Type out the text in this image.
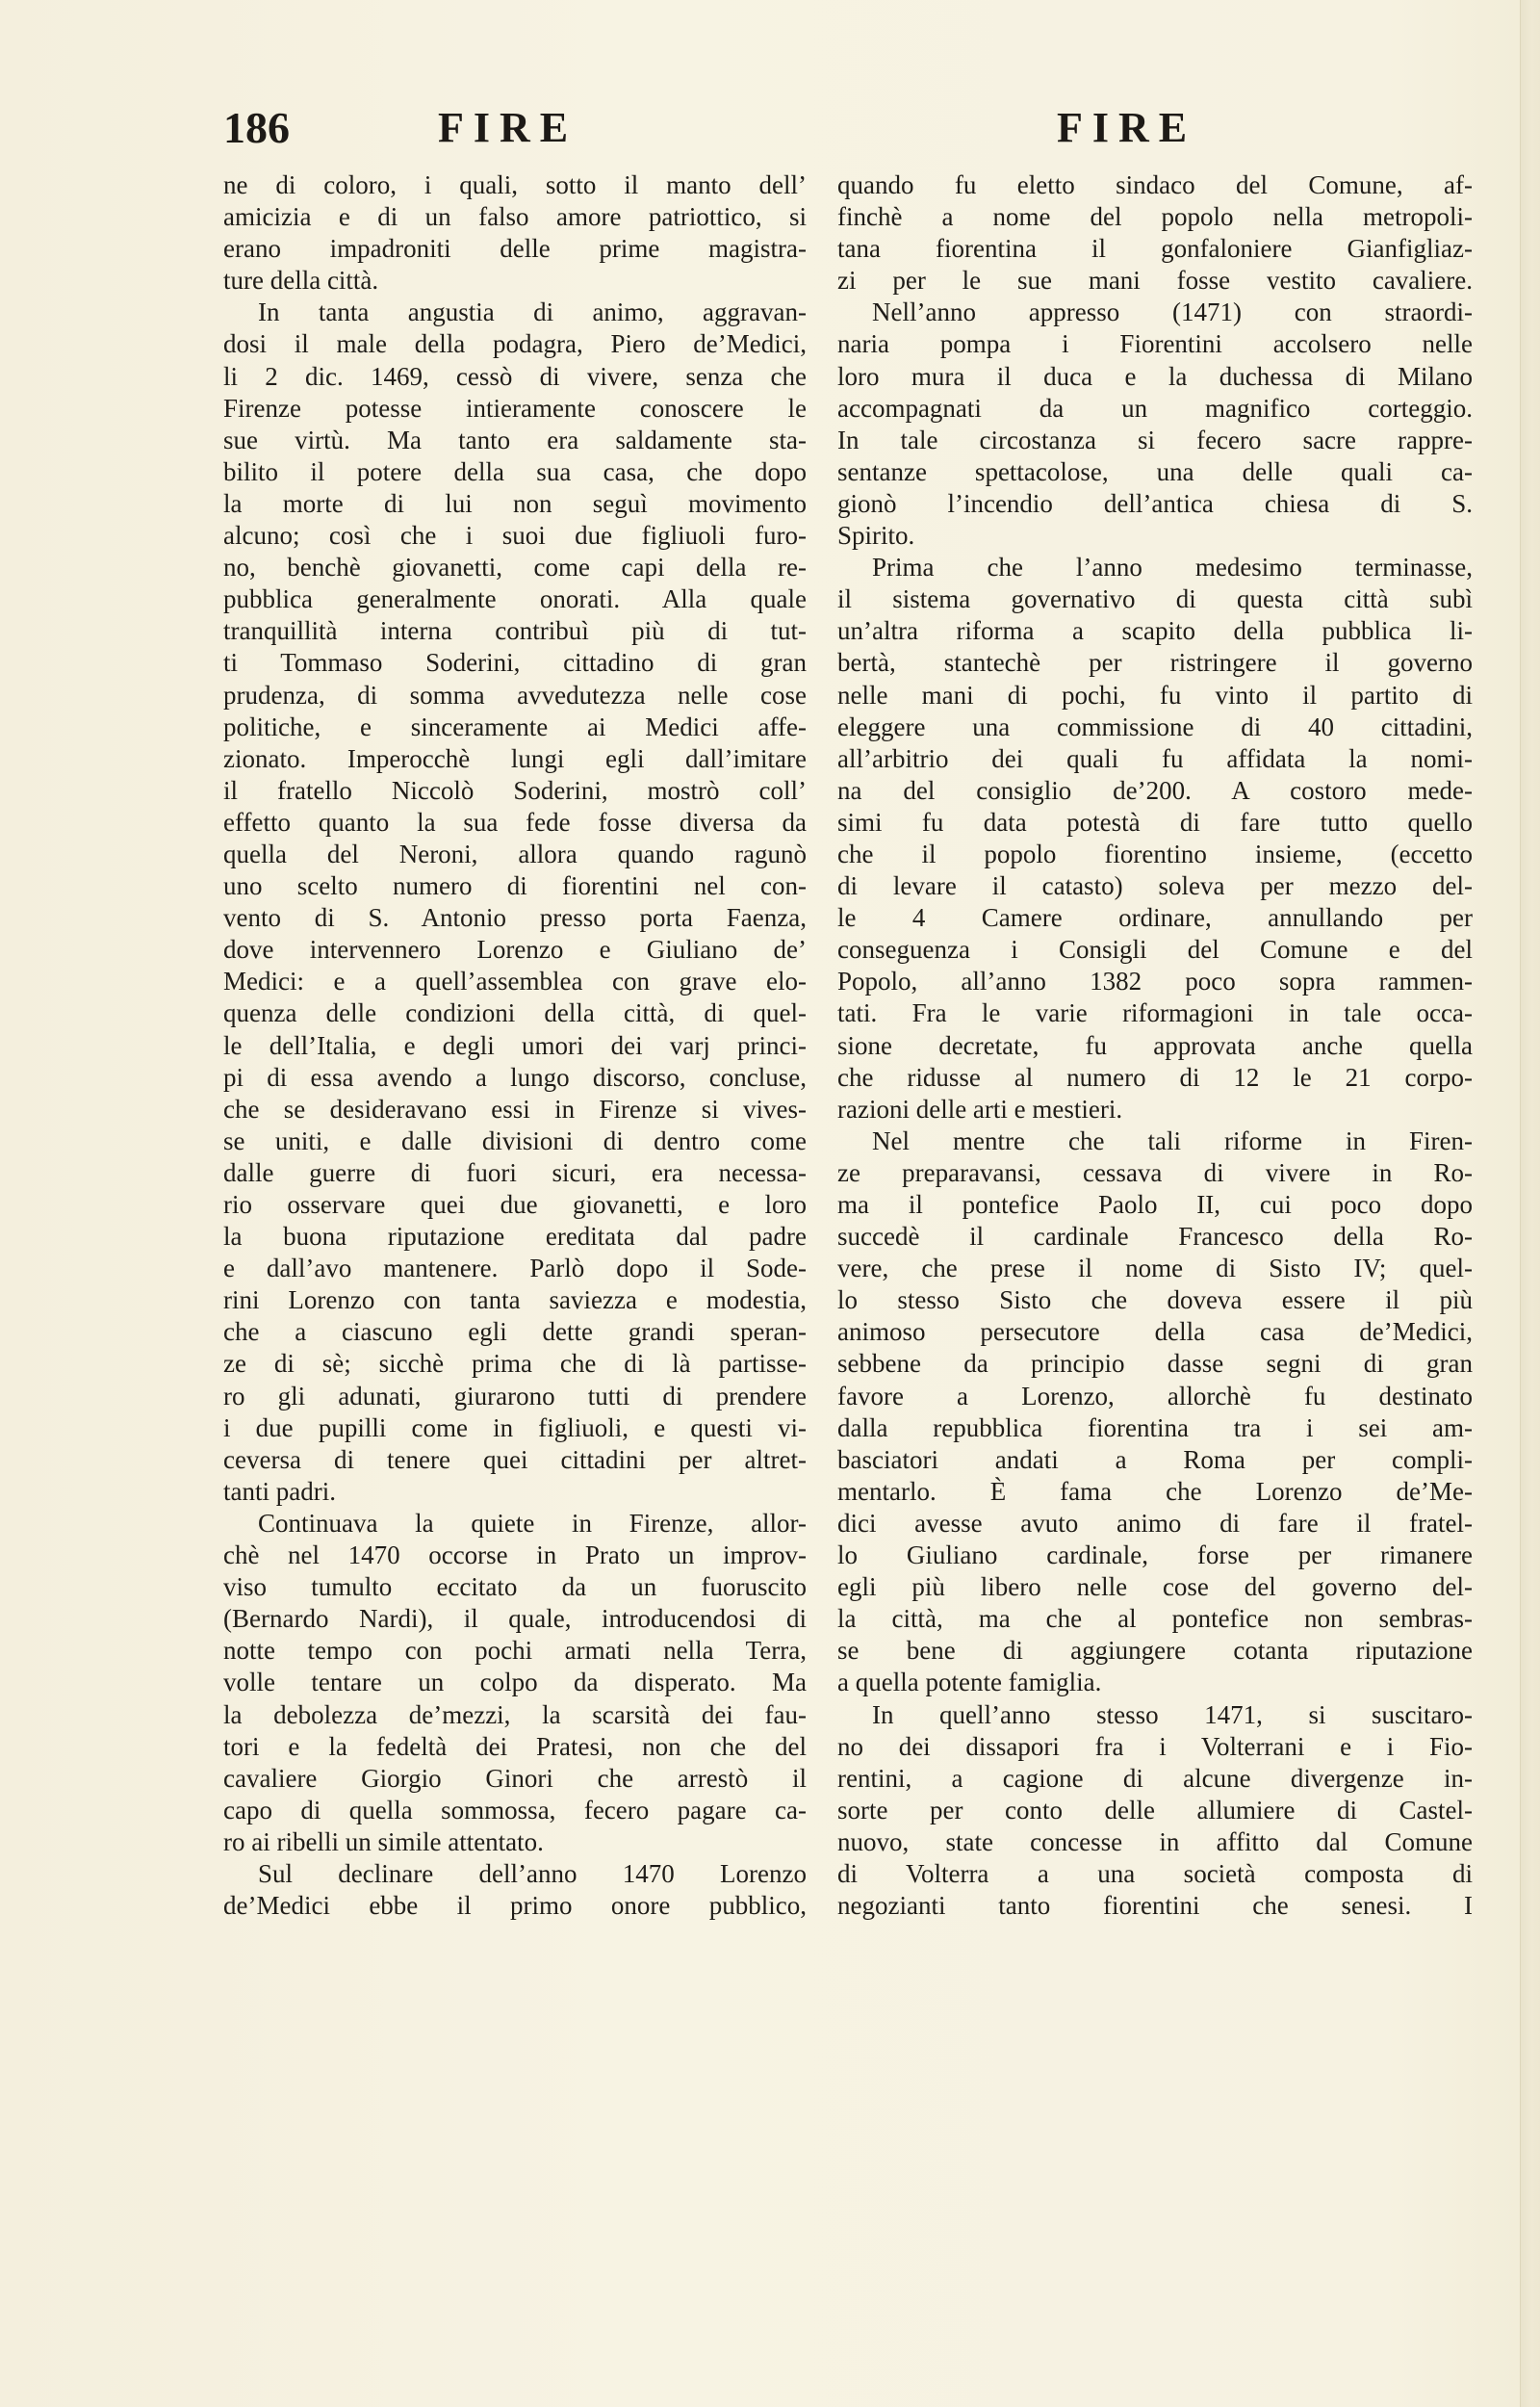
186	FIRE	FIRE
ne di coloro, i quali, sotto il manto dell’
amicizia e di un falso amore patriottico, si
erano impadroniti delle prime magistra-
ture della città.
In tanta angustia di animo, aggravan-
dosi il male della podagra, Piero de’Medici,
li 2 dic. 1469, cessò di vivere, senza che
Firenze potesse intieramente conoscere le
sue virtù. Ma tanto era saldamente sta-
bilito il potere della sua casa, che dopo
la morte di lui non seguì movimento
alcuno; così che i suoi due figliuoli furo-
no, benchè giovanetti, come capi della re-
pubblica generalmente onorati. Alla quale
tranquillità interna contribuì più di tut-
ti Tommaso Soderini, cittadino di gran
prudenza, di somma avvedutezza nelle cose
politiche, e sinceramente ai Medici affe-
zionato. Imperocchè lungi egli dall’imitare
il fratello Niccolò Soderini, mostrò coll’
effetto quanto la sua fede fosse diversa da
quella del Neroni, allora quando ragunò
uno scelto numero di fiorentini nel con-
vento di S. Antonio presso porta Faenza,
dove intervennero Lorenzo e Giuliano de’
Medici: e a quell’assemblea con grave elo-
quenza delle condizioni della città, di quel-
le dell’Italia, e degli umori dei varj princi-
pi di essa avendo a lungo discorso, concluse,
che se desideravano essi in Firenze si vives-
se uniti, e dalle divisioni di dentro come
dalle guerre di fuori sicuri, era necessa-
rio osservare quei due giovanetti, e loro
la buona riputazione ereditata dal padre
e dall’avo mantenere. Parlò dopo il Sode-
rini Lorenzo con tanta saviezza e modestia,
che a ciascuno egli dette grandi speran-
ze di sè; sicchè prima che di là partisse-
ro gli adunati, giurarono tutti di prendere
i due pupilli come in figliuoli, e questi vi-
ceversa di tenere quei cittadini per altret-
tanti padri.
Continuava la quiete in Firenze, allor-
chè nel 1470 occorse in Prato un improv-
viso tumulto eccitato da un fuoruscito
(Bernardo Nardi), il quale, introducendosi di
notte tempo con pochi armati nella Terra,
volle tentare un colpo da disperato. Ma
la debolezza de’mezzi, la scarsità dei fau-
tori e la fedeltà dei Pratesi, non che del
cavaliere Giorgio Ginori che arrestò il
capo di quella sommossa, fecero pagare ca-
ro ai ribelli un simile attentato.
Sul declinare dell’anno 1470 Lorenzo
de’Medici ebbe il primo onore pubblico,
quando fu eletto sindaco del Comune, af-
finchè a nome del popolo nella metropoli-
tana fiorentina il gonfaloniere Gianfigliaz-
zi per le sue mani fosse vestito cavaliere.
Nell’anno appresso (1471) con straordi-
naria pompa i Fiorentini accolsero nelle
loro mura il duca e la duchessa di Milano
accompagnati da un magnifico corteggio.
In tale circostanza si fecero sacre rappre-
sentanze spettacolose, una delle quali ca-
gionò l’incendio dell’antica chiesa di S.
Spirito.
Prima che l’anno medesimo terminasse,
il sistema governativo di questa città subì
un’altra riforma a scapito della pubblica li-
bertà, stantechè per ristringere il governo
nelle mani di pochi, fu vinto il partito di
eleggere una commissione di 40 cittadini,
all’arbitrio dei quali fu affidata la nomi-
na del consiglio de’200. A costoro mede-
simi fu data potestà di fare tutto quello
che il popolo fiorentino insieme, (eccetto
di levare il catasto) soleva per mezzo del-
le 4 Camere ordinare, annullando per
conseguenza i Consigli del Comune e del
Popolo, all’anno 1382 poco sopra rammen-
tati. Fra le varie riformagioni in tale occa-
sione decretate, fu approvata anche quella
che ridusse al numero di 12 le 21 corpo-
razioni delle arti e mestieri.
Nel mentre che tali riforme in Firen-
ze preparavansi, cessava di vivere in Ro-
ma il pontefice Paolo II, cui poco dopo
succedè il cardinale Francesco della Ro-
vere, che prese il nome di Sisto IV; quel-
lo stesso Sisto che doveva essere il più
animoso persecutore della casa de’Medici,
sebbene da principio dasse segni di gran
favore a Lorenzo, allorchè fu destinato
dalla repubblica fiorentina tra i sei am-
basciatori andati a Roma per compli-
mentarlo. È fama che Lorenzo de’Me-
dici avesse avuto animo di fare il fratel-
lo Giuliano cardinale, forse per rimanere
egli più libero nelle cose del governo del-
la città, ma che al pontefice non sembras-
se bene di aggiungere cotanta riputazione
a quella potente famiglia.
In quell’anno stesso 1471, si suscitaro-
no dei dissapori fra i Volterrani e i Fio-
rentini, a cagione di alcune divergenze in-
sorte per conto delle allumiere di Castel-
nuovo, state concesse in affitto dal Comune
di Volterra a una società composta di
negozianti tanto fiorentini che senesi. I
